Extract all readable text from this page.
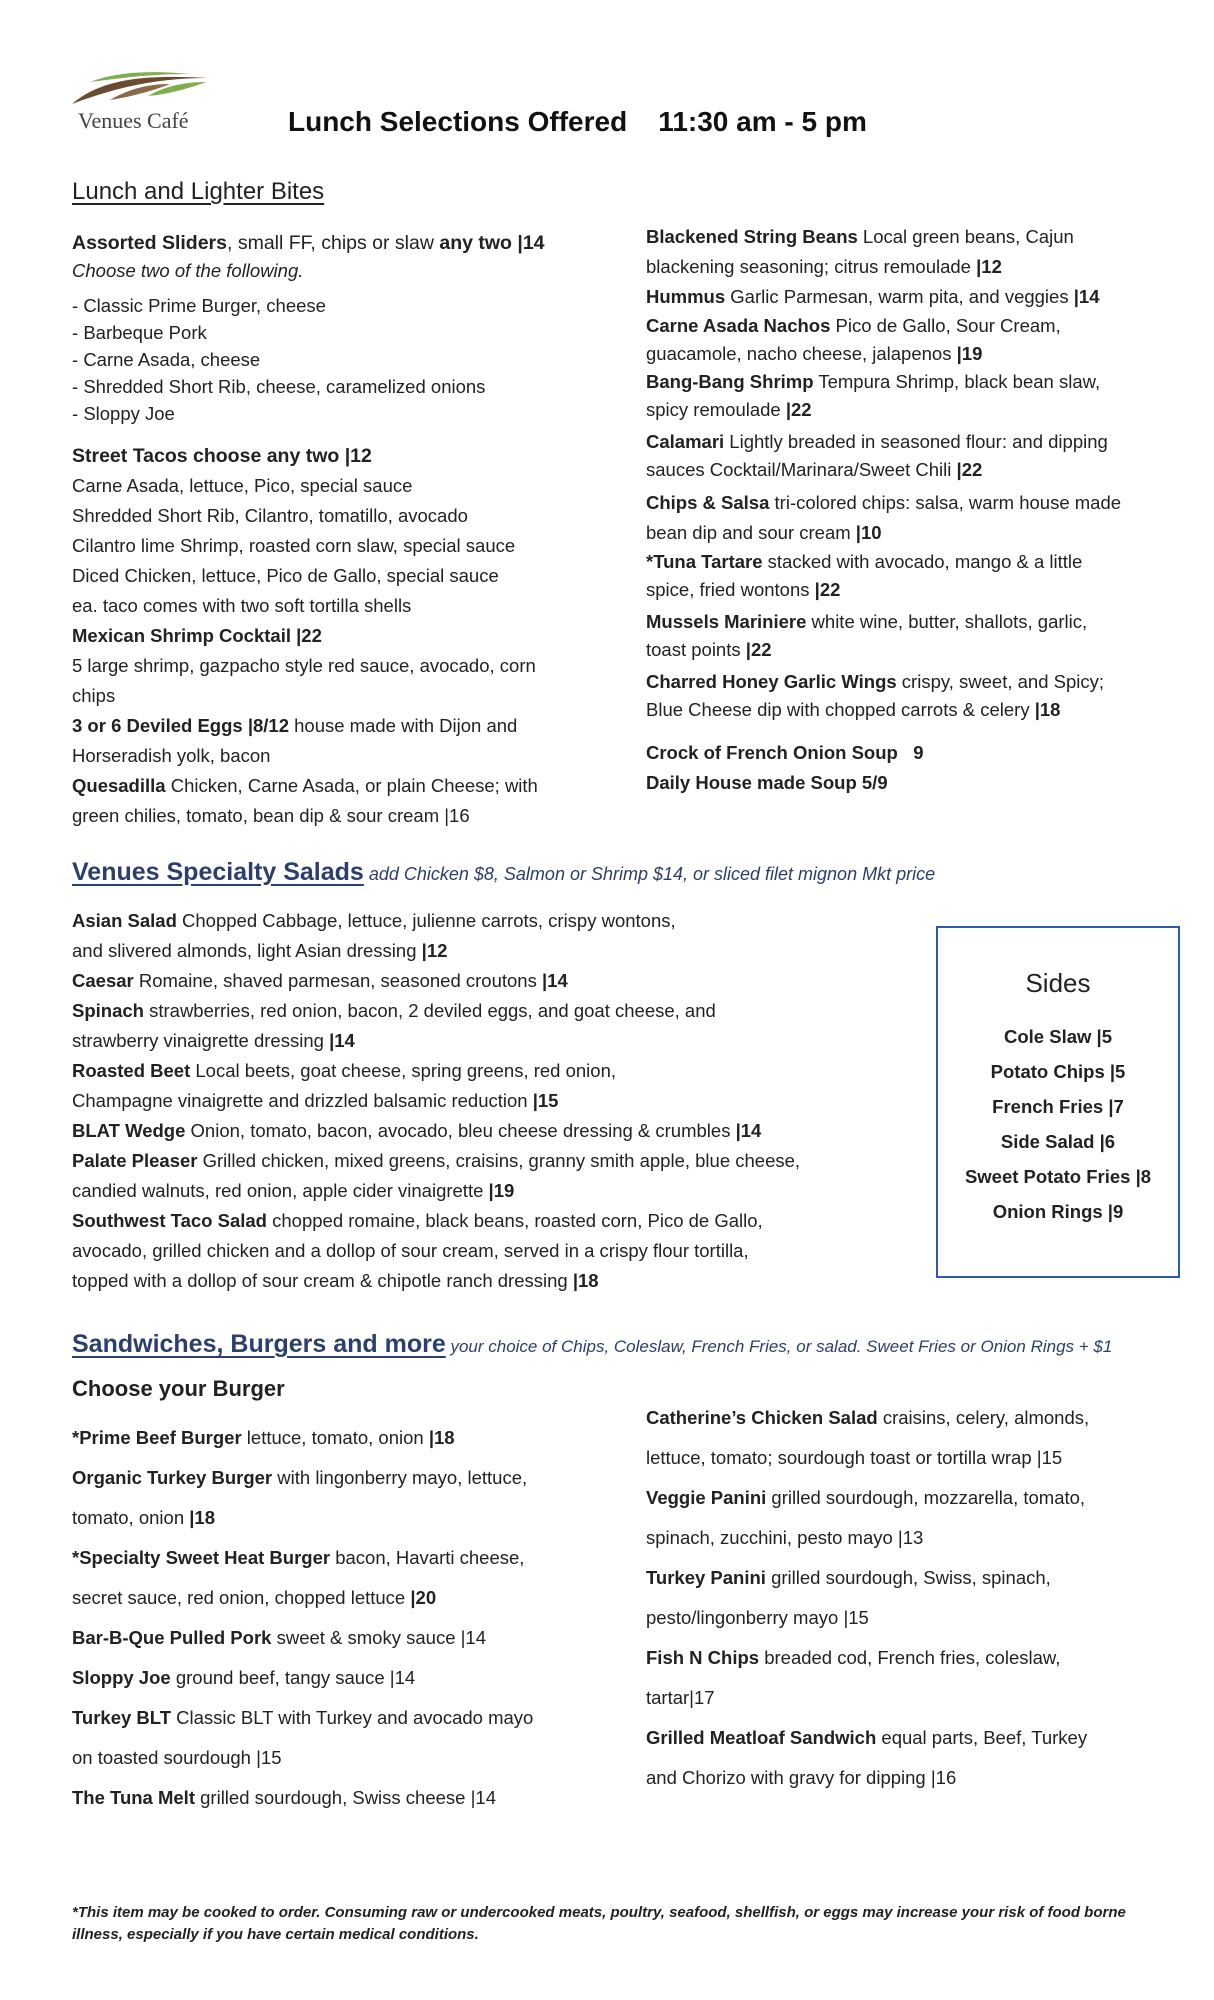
Venues Café	Lunch Selections Offered 11:30 am - 5 pm
Lunch and Lighter Bites

Assorted Sliders, small FF, chips or slaw any two |14

Choose two of the following.

- Classic Prime Burger, cheese

- Barbeque Pork

- Carne Asada, cheese

- Shredded Short Rib, cheese, caramelized onions

- Sloppy Joe

Street Tacos choose any two |12

Carne Asada, lettuce, Pico, special sauce

Shredded Short Rib, Cilantro, tomatillo, avocado

Cilantro lime Shrimp, roasted corn slaw, special sauce

Diced Chicken, lettuce, Pico de Gallo, special sauce

ea. taco comes with two soft tortilla shells

Mexican Shrimp Cocktail |22

5 large shrimp, gazpacho style red sauce, avocado, corn

chips

3 or 6 Deviled Eggs |8/12 house made with Dijon and

Horseradish yolk, bacon

Quesadilla Chicken, Carne Asada, or plain Cheese; with

green chilies, tomato, bean dip & sour cream |16

Blackened String Beans Local green beans, Cajun

blackening seasoning; citrus remoulade |12

Hummus Garlic Parmesan, warm pita, and veggies |14

Carne Asada Nachos Pico de Gallo, Sour Cream,

guacamole, nacho cheese, jalapenos |19

Bang-Bang Shrimp Tempura Shrimp, black bean slaw,

spicy remoulade |22

Calamari Lightly breaded in seasoned flour: and dipping

sauces Cocktail/Marinara/Sweet Chili |22

Chips & Salsa tri-colored chips: salsa, warm house made

bean dip and sour cream |10

*Tuna Tartare stacked with avocado, mango & a little

spice, fried wontons |22

Mussels Mariniere white wine, butter, shallots, garlic,

toast points |22

Charred Honey Garlic Wings crispy, sweet, and Spicy;

Blue Cheese dip with chopped carrots & celery |18

Crock of French Onion Soup   9

Daily House made Soup 5/9

Venues Specialty Salads add Chicken $8, Salmon or Shrimp $14, or sliced filet mignon Mkt price

Asian Salad Chopped Cabbage, lettuce, julienne carrots, crispy wontons,

and slivered almonds, light Asian dressing |12

Caesar Romaine, shaved parmesan, seasoned croutons |14

Spinach strawberries, red onion, bacon, 2 deviled eggs, and goat cheese, and

strawberry vinaigrette dressing |14

Roasted Beet Local beets, goat cheese, spring greens, red onion,

Champagne vinaigrette and drizzled balsamic reduction |15

BLAT Wedge Onion, tomato, bacon, avocado, bleu cheese dressing & crumbles |14

Palate Pleaser Grilled chicken, mixed greens, craisins, granny smith apple, blue cheese,

candied walnuts, red onion, apple cider vinaigrette |19

Southwest Taco Salad chopped romaine, black beans, roasted corn, Pico de Gallo,

avocado, grilled chicken and a dollop of sour cream, served in a crispy flour tortilla,

topped with a dollop of sour cream & chipotle ranch dressing |18

Sides
Cole Slaw |5
Potato Chips |5
French Fries |7
Side Salad |6
Sweet Potato Fries |8
Onion Rings |9
Sandwiches, Burgers and more your choice of Chips, Coleslaw, French Fries, or salad. Sweet Fries or Onion Rings + $1
Choose your Burger

*Prime Beef Burger lettuce, tomato, onion |18

Organic Turkey Burger with lingonberry mayo, lettuce,

tomato, onion |18

*Specialty Sweet Heat Burger bacon, Havarti cheese,

secret sauce, red onion, chopped lettuce |20

Bar-B-Que Pulled Pork sweet & smoky sauce |14

Sloppy Joe ground beef, tangy sauce |14

Turkey BLT Classic BLT with Turkey and avocado mayo

on toasted sourdough |15

The Tuna Melt grilled sourdough, Swiss cheese |14

Catherine’s Chicken Salad craisins, celery, almonds,

lettuce, tomato; sourdough toast or tortilla wrap |15

Veggie Panini grilled sourdough, mozzarella, tomato,

spinach, zucchini, pesto mayo |13

Turkey Panini grilled sourdough, Swiss, spinach,

pesto/lingonberry mayo |15

Fish N Chips breaded cod, French fries, coleslaw,

tartar|17

Grilled Meatloaf Sandwich equal parts, Beef, Turkey

and Chorizo with gravy for dipping |16

*This item may be cooked to order. Consuming raw or undercooked meats, poultry, seafood, shellfish, or eggs may increase your risk of food borne
illness, especially if you have certain medical conditions.
